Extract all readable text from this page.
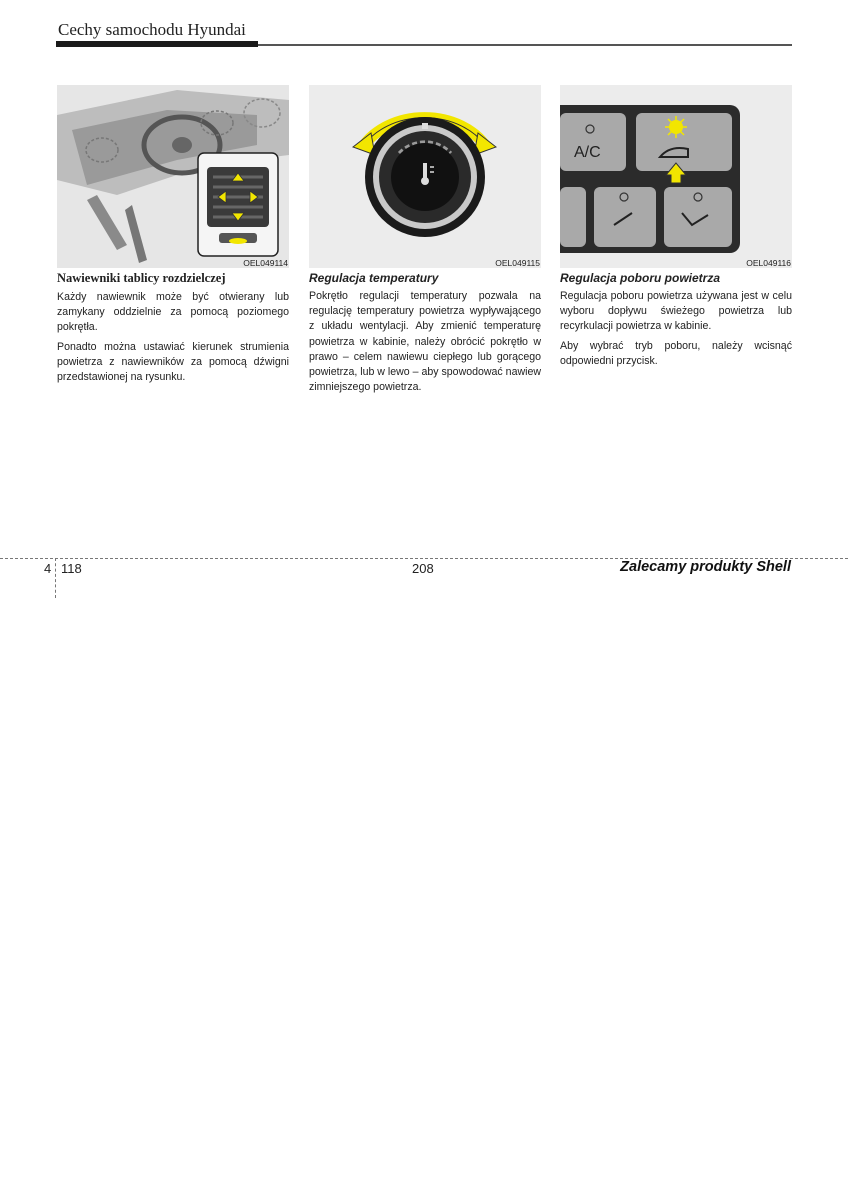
Cechy samochodu Hyundai
OEL049114
Nawiewniki tablicy rozdzielczej

Każdy nawiewnik może być otwierany lub zamykany oddzielnie za pomocą poziomego pokrętła.

Ponadto można ustawiać kierunek strumienia powietrza z nawiewników za pomocą dźwigni przedstawionej na rysunku.

OEL049115
Regulacja temperatury

Pokrętło regulacji temperatury pozwala na regulację temperatury powietrza wypływającego z układu wentylacji. Aby zmienić temperaturę powietrza w kabinie, należy obrócić pokrętło w prawo – celem nawiewu ciepłego lub gorącego powietrza, lub w lewo – aby spowodować nawiew zimniejszego powietrza.

A/C
OEL049116
Regulacja poboru powietrza

Regulacja poboru powietrza używana jest w celu wyboru dopływu świeżego powietrza lub recyrkulacji powietrza w kabinie.

Aby wybrać tryb poboru, należy wcisnąć odpowiedni przycisk.

4 118	208	Zalecamy produkty Shell
